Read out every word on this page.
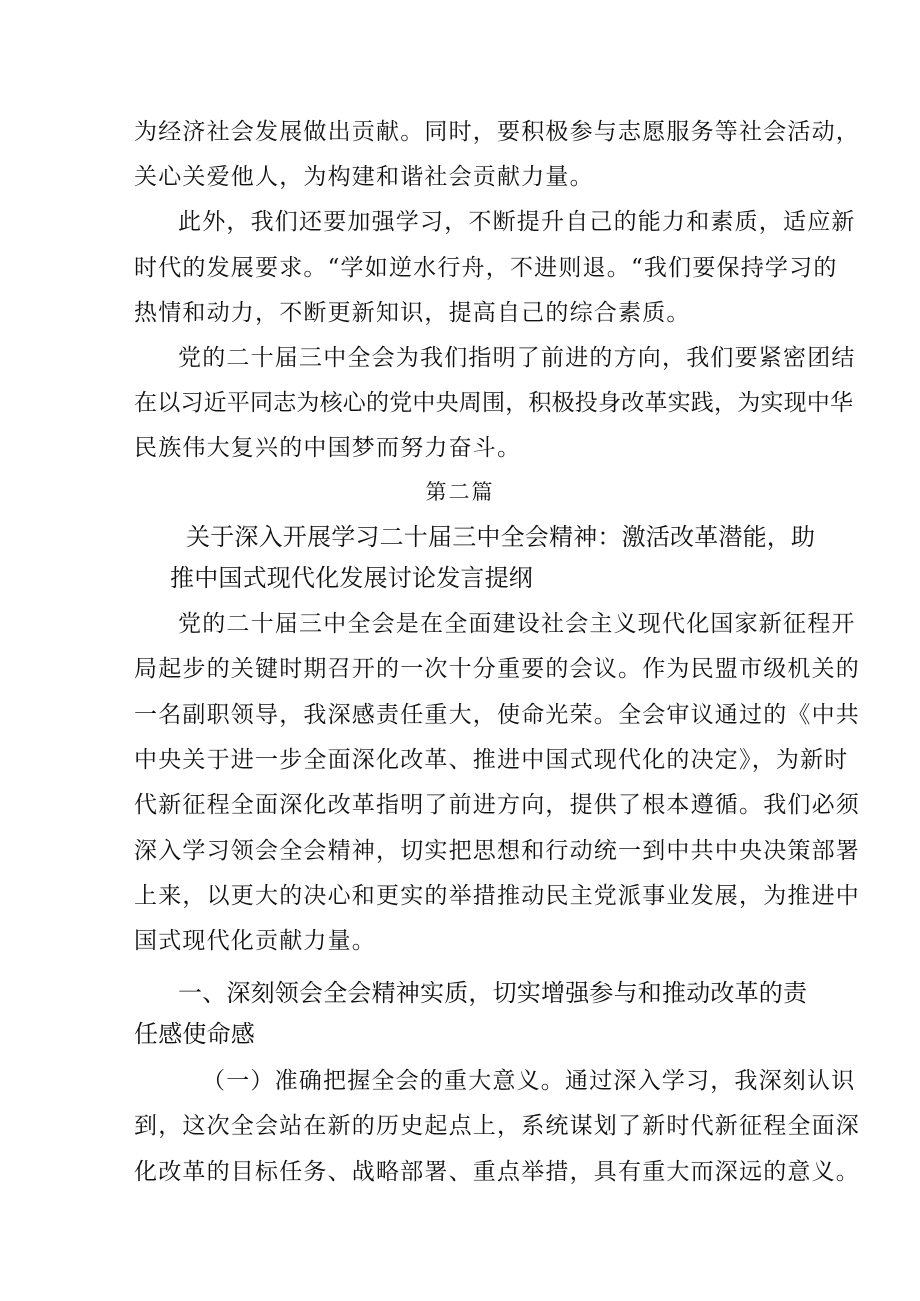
为经济社会发展做出贡献。同时，要积极参与志愿服务等社会活动，
关心关爱他人，为构建和谐社会贡献力量。
此外，我们还要加强学习，不断提升自己的能力和素质，适应新
时代的发展要求。“学如逆水行舟，不进则退。“我们要保持学习的
热情和动力，不断更新知识，提高自己的综合素质。
党的二十届三中全会为我们指明了前进的方向，我们要紧密团结
在以习近平同志为核心的党中央周围，积极投身改革实践，为实现中华
民族伟大复兴的中国梦而努力奋斗。
第二篇
关于深入开展学习二十届三中全会精神：激活改革潜能，助
推中国式现代化发展讨论发言提纲
党的二十届三中全会是在全面建设社会主义现代化国家新征程开
局起步的关键时期召开的一次十分重要的会议。作为民盟市级机关的
一名副职领导，我深感责任重大，使命光荣。全会审议通过的《中共
中央关于进一步全面深化改革、推进中国式现代化的决定》，为新时
代新征程全面深化改革指明了前进方向，提供了根本遵循。我们必须
深入学习领会全会精神，切实把思想和行动统一到中共中央决策部署
上来，以更大的决心和更实的举措推动民主党派事业发展，为推进中
国式现代化贡献力量。
一、深刻领会全会精神实质，切实增强参与和推动改革的责
任感使命感
（一）准确把握全会的重大意义。通过深入学习，我深刻认识
到，这次全会站在新的历史起点上，系统谋划了新时代新征程全面深
化改革的目标任务、战略部署、重点举措，具有重大而深远的意义。
